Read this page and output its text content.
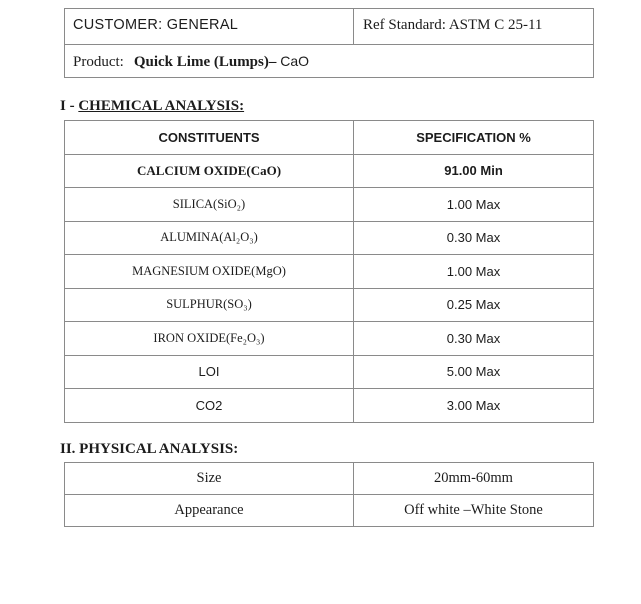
CUSTOMER: GENERAL	Ref Standard: ASTM C 25-11
Product: Quick Lime (Lumps)– CaO
I - CHEMICAL ANALYSIS:
CONSTITUENTS	SPECIFICATION %
CALCIUM OXIDE(CaO)	91.00 Min
SILICA(SiO₂)	1.00 Max
ALUMINA(Al₂O₃)	0.30 Max
MAGNESIUM OXIDE(MgO)	1.00 Max
SULPHUR(SO₃)	0.25 Max
IRON OXIDE(Fe₂O₃)	0.30 Max
LOI	5.00 Max
CO2	3.00 Max
II. PHYSICAL ANALYSIS:
Size	20mm-60mm
Appearance	Off white –White Stone
